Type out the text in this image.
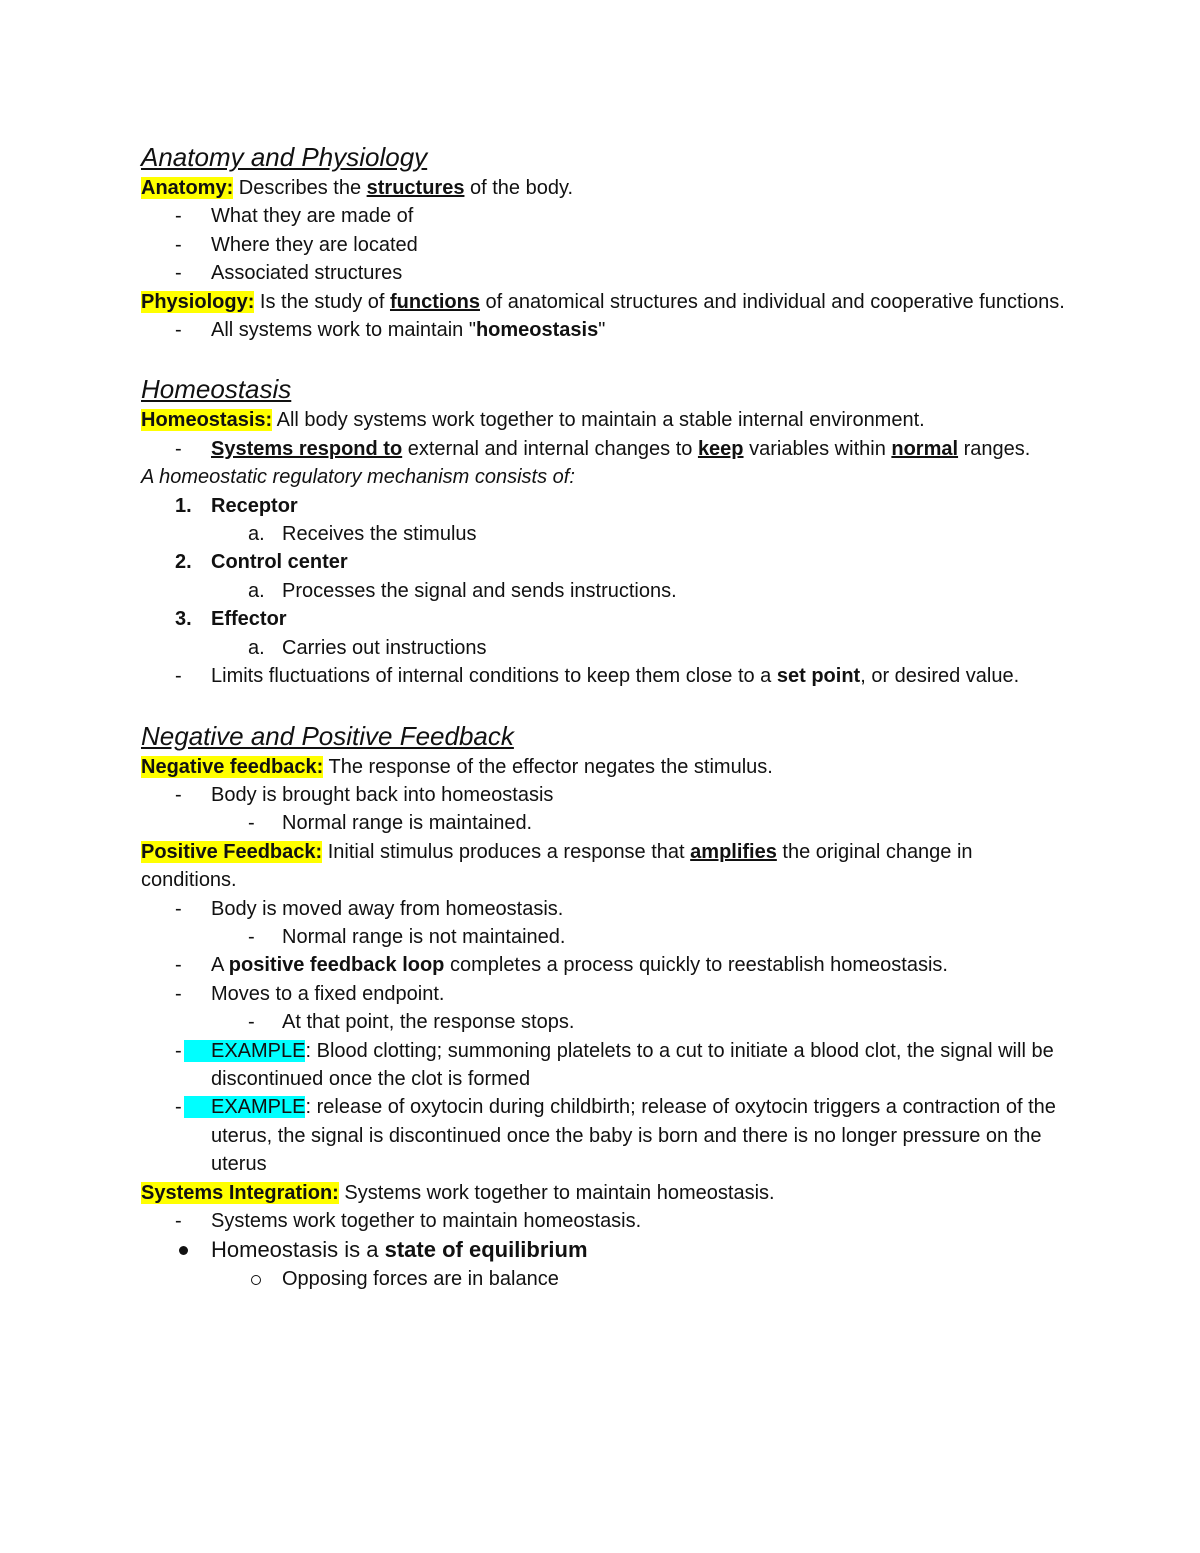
Anatomy and Physiology

Anatomy: Describes the structures of the body.

- What they are made of
- Where they are located
- Associated structures

Physiology: Is the study of functions of anatomical structures and individual and cooperative functions.

- All systems work to maintain "homeostasis"
Homeostasis

Homeostasis: All body systems work together to maintain a stable internal environment.

- Systems respond to external and internal changes to keep variables within normal ranges.

A homeostatic regulatory mechanism consists of:

1. Receptor
a. Receives the stimulus
2. Control center
a. Processes the signal and sends instructions.
3. Effector
a. Carries out instructions
- Limits fluctuations of internal conditions to keep them close to a set point, or desired value.
Negative and Positive Feedback

Negative feedback: The response of the effector negates the stimulus.

- Body is brought back into homeostasis
- Normal range is maintained.

Positive Feedback: Initial stimulus produces a response that amplifies the original change in conditions.

- Body is moved away from homeostasis.
- Normal range is not maintained.
- A positive feedback loop completes a process quickly to reestablish homeostasis.
- Moves to a fixed endpoint.
- At that point, the response stops.
- EXAMPLE: Blood clotting; summoning platelets to a cut to initiate a blood clot, the signal will be discontinued once the clot is formed
- EXAMPLE: release of oxytocin during childbirth; release of oxytocin triggers a contraction of the uterus, the signal is discontinued once the baby is born and there is no longer pressure on the uterus

Systems Integration: Systems work together to maintain homeostasis.

- Systems work together to maintain homeostasis.
Homeostasis is a state of equilibrium
Opposing forces are in balance
